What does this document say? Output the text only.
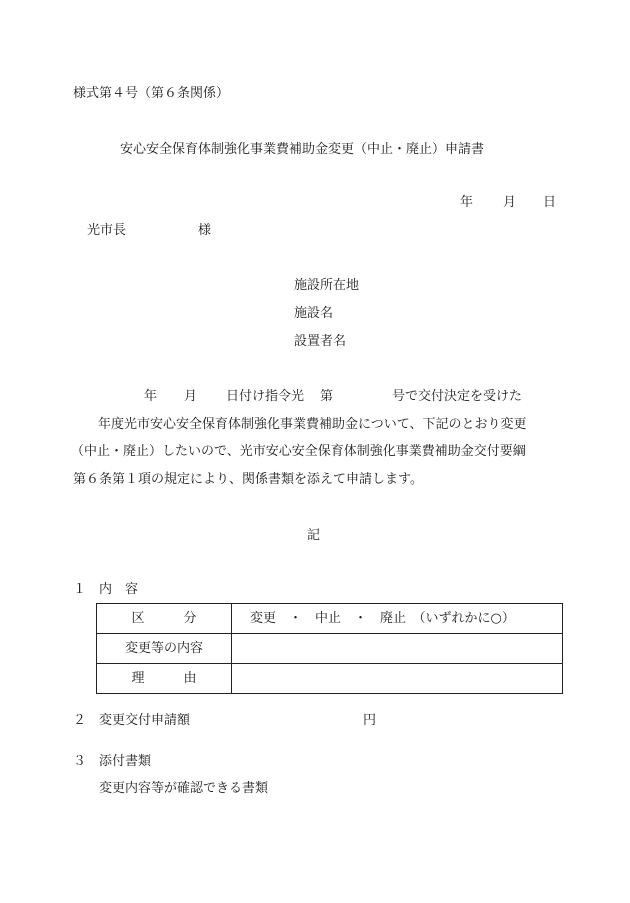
様式第４号（第６条関係）
安心安全保育体制強化事業費補助金変更（中止・廃止）申請書
年 月 日
光市長	様
施設所在地
施設名
設置者名
年 月 日付け指令光 第	号で交付決定を受けた
年度光市安心安全保育体制強化事業費補助金について、下記のとおり変更
（中止・廃止）したいので、光市安心安全保育体制強化事業費補助金交付要綱
第６条第１項の規定により、関係書類を添えて申請します。
記
１ 内　容
区　　　分	変更　・　中止　・　廃止　（いずれかに○）
変更等の内容	
理　　　由	
２ 変更交付申請額	円
３ 添付書類
変更内容等が確認できる書類
